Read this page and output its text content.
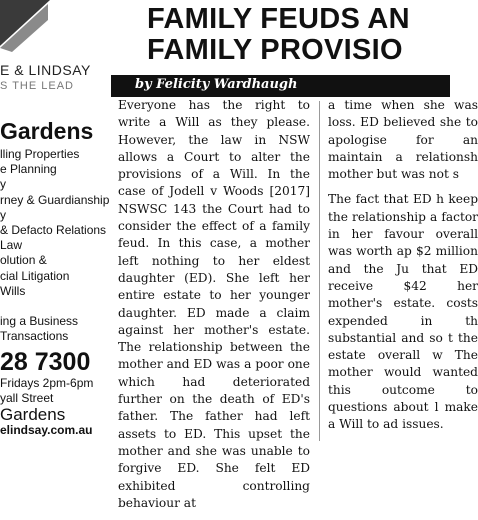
E & LINDSAY
S THE LEAD
Gardens
lling Properties
e Planning
y
rney & Guardianship
y
& Defacto Relations
Law
olution &
cial Litigation
Wills
ing a Business
Transactions
28 7300
Fridays 2pm-6pm
yall Street
Gardens
elindsay.com.au
FAMILY FEUDS AN
FAMILY PROVISIO
by Felicity Wardhaugh

Everyone has the right to write a Will as they please. However, the law in NSW allows a Court to alter the provisions of a Will. In the case of Jodell v Woods [2017] NSWSC 143 the Court had to consider the effect of a family feud. In this case, a mother left nothing to her eldest daughter (ED). She left her entire estate to her younger daughter. ED made a claim against her mother's estate. The relationship between the mother and ED was a poor one which had deteriorated further on the death of ED's father. The father had left assets to ED. This upset the mother and she was unable to forgive ED. She felt ED exhibited controlling behaviour at

a time when she was loss. ED believed she to apologise for an maintain a relationsh mother but was not s

The fact that ED h keep the relationship a factor in her favour overall was worth ap $2 million and the Ju that ED receive $42 her mother's estate. costs expended in th substantial and so t the estate overall w The mother would wanted this outcome to questions about l make a Will to ad issues.
